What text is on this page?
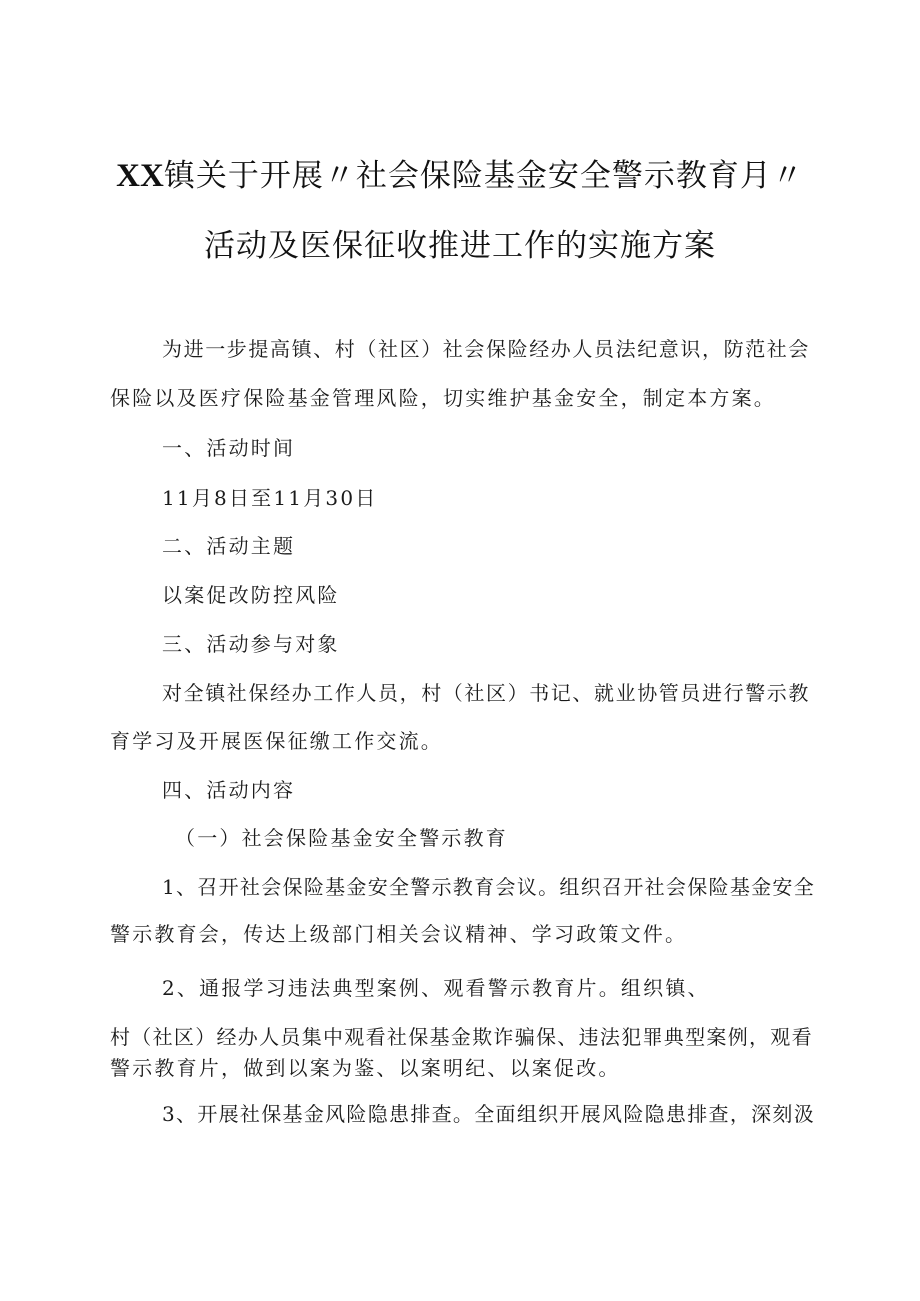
XX镇关于开展〃社会保险基金安全警示教育月〃
活动及医保征收推进工作的实施方案
为进一步提高镇、村（社区）社会保险经办人员法纪意识，防范社会
保险以及医疗保险基金管理风险，切实维护基金安全，制定本方案。
一、活动时间
11月8日至11月30日
二、活动主题
以案促改防控风险
三、活动参与对象
对全镇社保经办工作人员，村（社区）书记、就业协管员进行警示教
育学习及开展医保征缴工作交流。
四、活动内容
（一）社会保险基金安全警示教育
1、召开社会保险基金安全警示教育会议。组织召开社会保险基金安全
警示教育会，传达上级部门相关会议精神、学习政策文件。
2、通报学习违法典型案例、观看警示教育片。组织镇、
村（社区）经办人员集中观看社保基金欺诈骗保、违法犯罪典型案例，观看
警示教育片，做到以案为鉴、以案明纪、以案促改。
3、开展社保基金风险隐患排查。全面组织开展风险隐患排查，深刻汲
